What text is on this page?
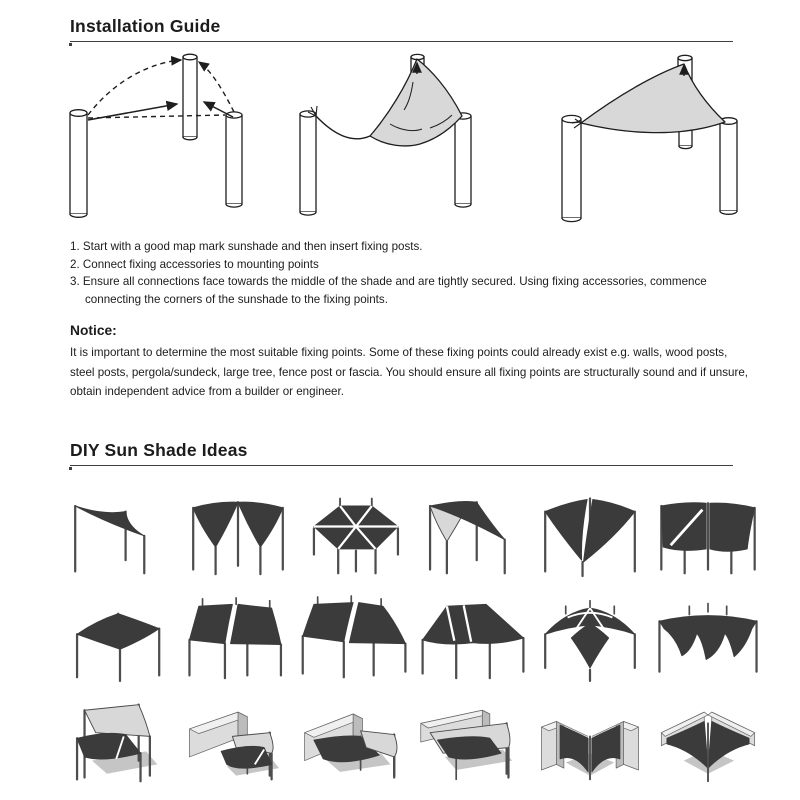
Installation Guide
1. Start with a good map mark sunshade and then insert fixing posts.
2. Connect fixing accessories to mounting points
3. Ensure all connections face towards the middle of the shade and are tightly secured. Using fixing accessories, commence connecting the corners of the sunshade to the fixing points.
Notice:

It is important to determine the most suitable fixing points. Some of these fixing points could already exist e.g. walls, wood posts, steel posts, pergola/sundeck, large tree, fence post or fascia. You should ensure all fixing points are structurally sound and if unsure, obtain independent advice from a builder or engineer.

DIY Sun Shade Ideas
